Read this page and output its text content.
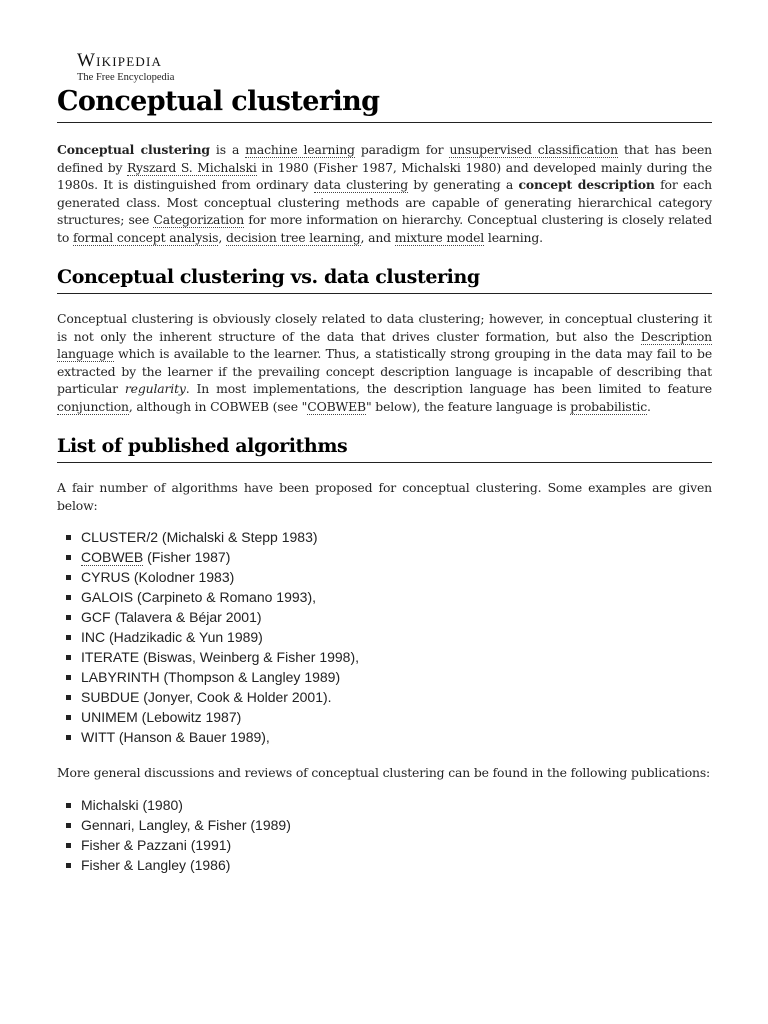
Wikipedia
The Free Encyclopedia
Conceptual clustering

Conceptual clustering is a machine learning paradigm for unsupervised classification that has been defined by Ryszard S. Michalski in 1980 (Fisher 1987, Michalski 1980) and developed mainly during the 1980s. It is distinguished from ordinary data clustering by generating a concept description for each generated class. Most conceptual clustering methods are capable of generating hierarchical category structures; see Categorization for more information on hierarchy. Conceptual clustering is closely related to formal concept analysis, decision tree learning, and mixture model learning.

Conceptual clustering vs. data clustering

Conceptual clustering is obviously closely related to data clustering; however, in conceptual clustering it is not only the inherent structure of the data that drives cluster formation, but also the Description language which is available to the learner. Thus, a statistically strong grouping in the data may fail to be extracted by the learner if the prevailing concept description language is incapable of describing that particular regularity. In most implementations, the description language has been limited to feature conjunction, although in COBWEB (see "COBWEB" below), the feature language is probabilistic.

List of published algorithms

A fair number of algorithms have been proposed for conceptual clustering. Some examples are given below:

CLUSTER/2 (Michalski & Stepp 1983)
COBWEB (Fisher 1987)
CYRUS (Kolodner 1983)
GALOIS (Carpineto & Romano 1993),
GCF (Talavera & Béjar 2001)
INC (Hadzikadic & Yun 1989)
ITERATE (Biswas, Weinberg & Fisher 1998),
LABYRINTH (Thompson & Langley 1989)
SUBDUE (Jonyer, Cook & Holder 2001).
UNIMEM (Lebowitz 1987)
WITT (Hanson & Bauer 1989),

More general discussions and reviews of conceptual clustering can be found in the following publications:

Michalski (1980)
Gennari, Langley, & Fisher (1989)
Fisher & Pazzani (1991)
Fisher & Langley (1986)
